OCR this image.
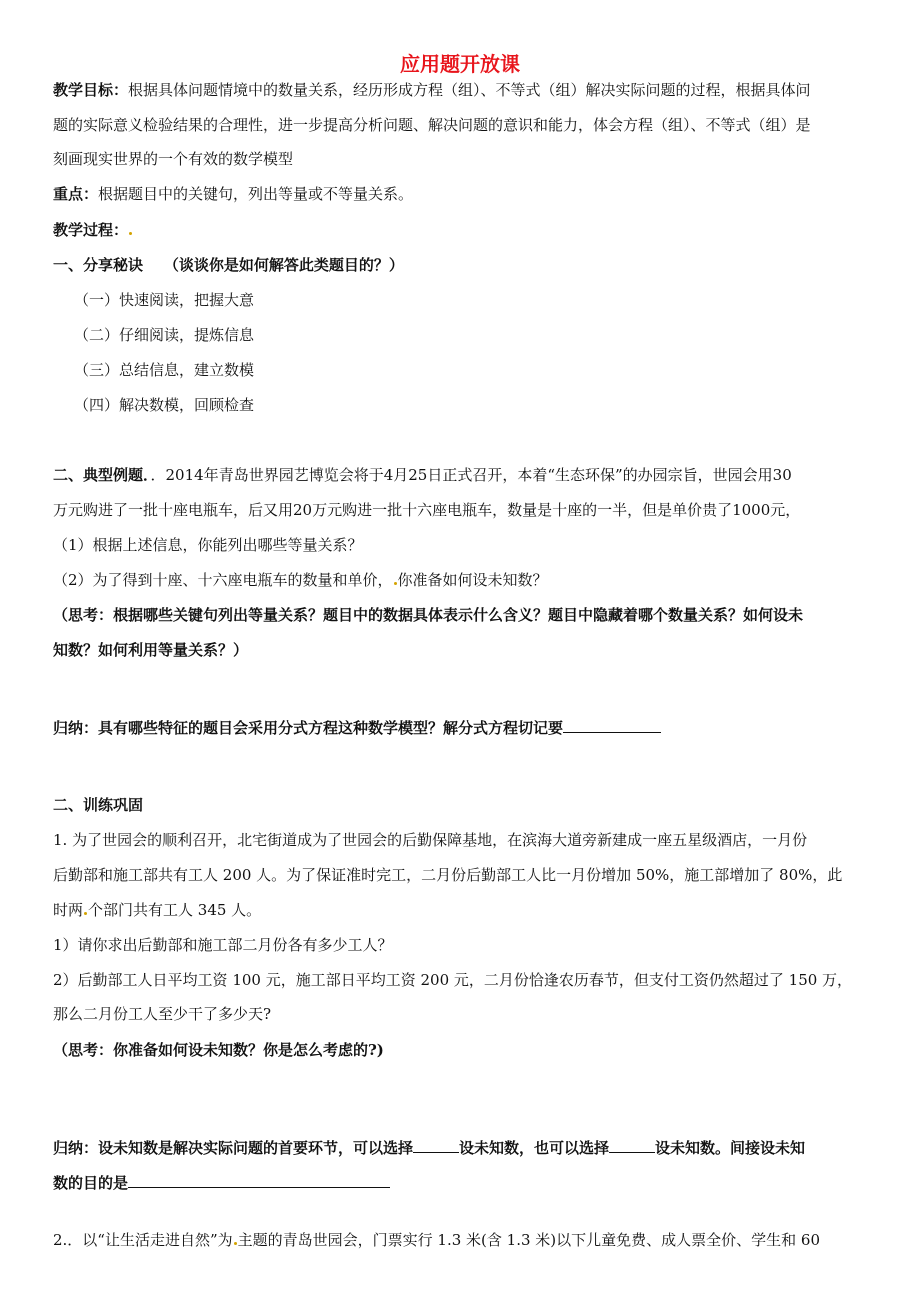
应用题开放课
教学目标：根据具体问题情境中的数量关系，经历形成方程（组）、不等式（组）解决实际问题的过程，根据具体问
题的实际意义检验结果的合理性，进一步提高分析问题、解决问题的意识和能力，体会方程（组）、不等式（组）是
刻画现实世界的一个有效的数学模型
重点：根据题目中的关键句，列出等量或不等量关系。
教学过程：
一、分享秘诀 （谈谈你是如何解答此类题目的？）
（一）快速阅读，把握大意
（二）仔细阅读，提炼信息
（三）总结信息，建立数模
（四）解决数模，回顾检查
二、典型例题．．2014年青岛世界园艺博览会将于4月25日正式召开，本着“生态环保”的办园宗旨，世园会用30
万元购进了一批十座电瓶车，后又用20万元购进一批十六座电瓶车，数量是十座的一半，但是单价贵了1000元，
（1）根据上述信息，你能列出哪些等量关系？
（2）为了得到十座、十六座电瓶车的数量和单价， 你准备如何设未知数？
（思考：根据哪些关键句列出等量关系？题目中的数据具体表示什么含义？题目中隐藏着哪个数量关系？如何设未
知数？如何利用等量关系？）
归纳：具有哪些特征的题目会采用分式方程这种数学模型？解分式方程切记要
二、训练巩固
1. 为了世园会的顺利召开，北宅街道成为了世园会的后勤保障基地，在滨海大道旁新建成一座五星级酒店，一月份
后勤部和施工部共有工人 200 人。为了保证准时完工，二月份后勤部工人比一月份增加 50%，施工部增加了 80%，此
时两 个部门共有工人 345 人。
1）请你求出后勤部和施工部二月份各有多少工人？
2）后勤部工人日平均工资 100 元，施工部日平均工资 200 元，二月份恰逢农历春节，但支付工资仍然超过了 150 万，
那么二月份工人至少干了多少天?
（思考：你准备如何设未知数？你是怎么考虑的?)
归纳：设未知数是解决实际问题的首要环节，可以选择	设未知数，也可以选择	设未知数。间接设未知
数的目的是
2.．以“让生活走进自然”为 主题的青岛世园会，门票实行 1.3 米(含 1.3 米)以下儿童免费、成人票全价、学生和 60
